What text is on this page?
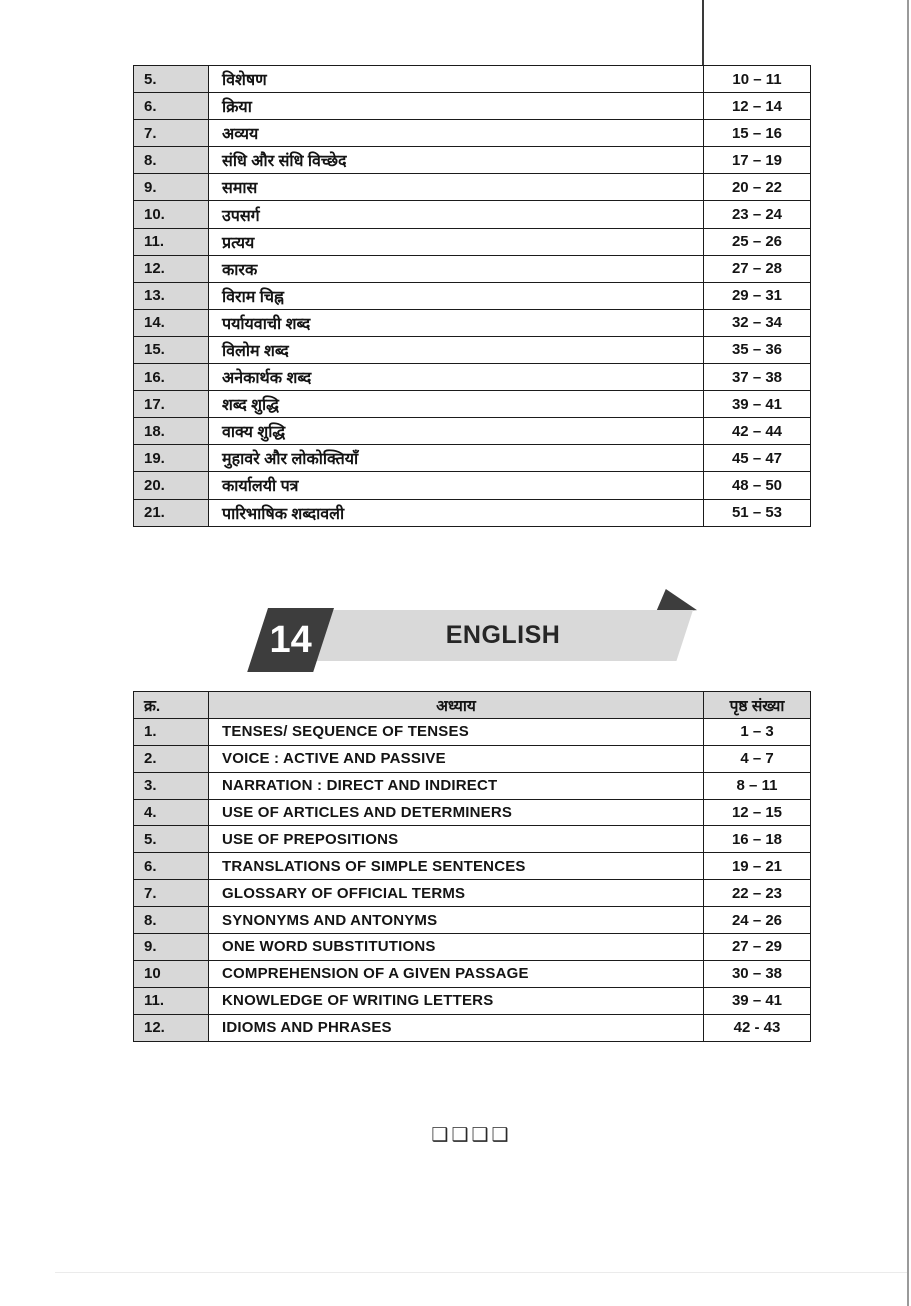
5.	विशेषण	10 – 11
6.	क्रिया	12 – 14
7.	अव्यय	15 – 16
8.	संधि और संधि विच्छेद	17 – 19
9.	समास	20 – 22
10.	उपसर्ग	23 – 24
11.	प्रत्यय	25 – 26
12.	कारक	27 – 28
13.	विराम चिह्न	29 – 31
14.	पर्यायवाची शब्द	32 – 34
15.	विलोम शब्द	35 – 36
16.	अनेकार्थक शब्द	37 – 38
17.	शब्द शुद्धि	39 – 41
18.	वाक्य शुद्धि	42 – 44
19.	मुहावरे और लोकोक्तियाँ	45 – 47
20.	कार्यालयी पत्र	48 – 50
21.	पारिभाषिक शब्दावली	51 – 53
ENGLISH
14
क्र.	अध्याय	पृष्ठ संख्या
1.	TENSES/ SEQUENCE OF TENSES	1 – 3
2.	VOICE : ACTIVE AND PASSIVE	4 – 7
3.	NARRATION : DIRECT AND INDIRECT	8 – 11
4.	USE OF ARTICLES AND DETERMINERS	12 – 15
5.	USE OF PREPOSITIONS	16 – 18
6.	TRANSLATIONS OF SIMPLE SENTENCES	19 – 21
7.	GLOSSARY OF OFFICIAL TERMS	22 – 23
8.	SYNONYMS AND ANTONYMS	24 – 26
9.	ONE WORD SUBSTITUTIONS	27 – 29
10	COMPREHENSION OF A GIVEN PASSAGE	30 – 38
11.	KNOWLEDGE OF WRITING LETTERS	39 – 41
12.	IDIOMS AND PHRASES	42 - 43
❑❑❑❑
